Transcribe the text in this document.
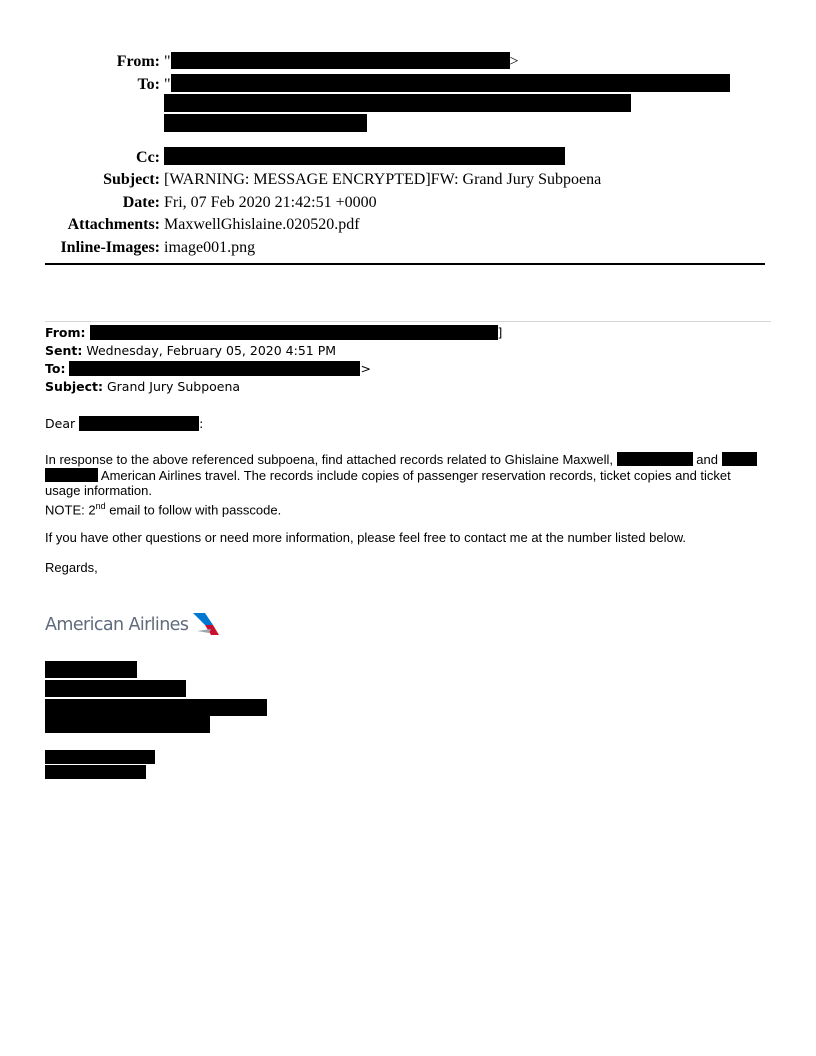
From: "	>
To: "
Cc:
Subject: [WARNING: MESSAGE ENCRYPTED]FW: Grand Jury Subpoena
Date: Fri, 07 Feb 2020 21:42:51 +0000
Attachments: MaxwellGhislaine.020520.pdf
Inline-Images: image001.png
From:	]
Sent: Wednesday, February 05, 2020 4:51 PM
To:	>
Subject: Grand Jury Subpoena
Dear	:
In response to the above referenced subpoena, find attached records related to Ghislaine Maxwell,	and
American Airlines travel. The records include copies of passenger reservation records, ticket copies and ticket
usage information.
NOTE: 2nd email to follow with passcode.
If you have other questions or need more information, please feel free to contact me at the number listed below.
Regards,
American Airlines
